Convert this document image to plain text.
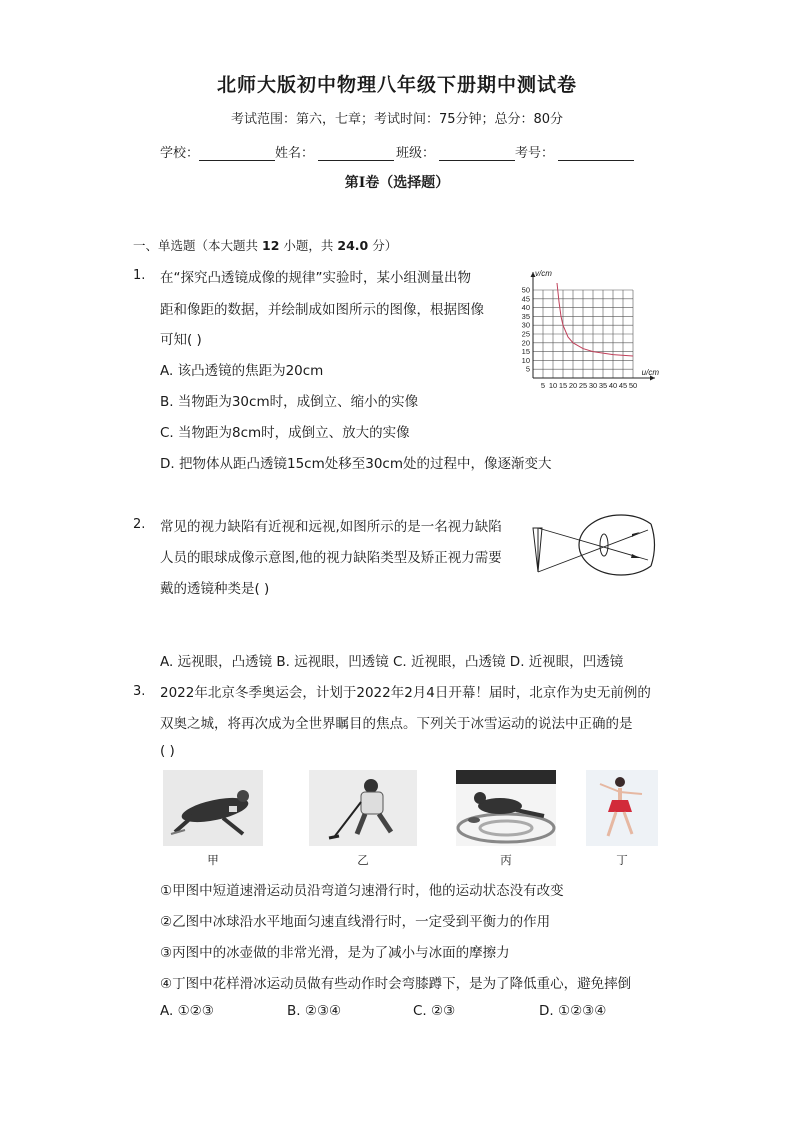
北师大版初中物理八年级下册期中测试卷
考试范围：第六，七章；考试时间：75分钟；总分：80分
学校：	姓名：	班级：	考号：
第I卷（选择题）
一、单选题（本大题共 12 小题，共 24.0 分）
1. 在“探究凸透镜成像的规律”实验时，某小组测量出物
距和像距的数据，并绘制成如图所示的图像，根据图像
可知( )
A. 该凸透镜的焦距为20cm
B. 当物距为30cm时，成倒立、缩小的实像
C. 当物距为8cm时，成倒立、放大的实像
D. 把物体从距凸透镜15cm处移至30cm处的过程中，像逐渐变大
5 10 15 20 25 30 35 40 45 50
5
10
15
20
25
30
35
40
45
50
u/cm
v/cm
2. 常见的视力缺陷有近视和远视,如图所示的是一名视力缺陷
人员的眼球成像示意图,他的视力缺陷类型及矫正视力需要
戴的透镜种类是( )
A. 远视眼，凸透镜 B. 远视眼，凹透镜 C. 近视眼，凸透镜 D. 近视眼，凹透镜
3. 2022年北京冬季奥运会，计划于2022年2月4日开幕！届时，北京作为史无前例的
双奥之城，将再次成为全世界瞩目的焦点。下列关于冰雪运动的说法中正确的是
( )
甲	乙	丙	丁
①甲图中短道速滑运动员沿弯道匀速滑行时，他的运动状态没有改变
②乙图中冰球沿水平地面匀速直线滑行时，一定受到平衡力的作用
③丙图中的冰壶做的非常光滑，是为了减小与冰面的摩擦力
④丁图中花样滑冰运动员做有些动作时会弯膝蹲下，是为了降低重心，避免摔倒
A. ①②③	B. ②③④	C. ②③	D. ①②③④
